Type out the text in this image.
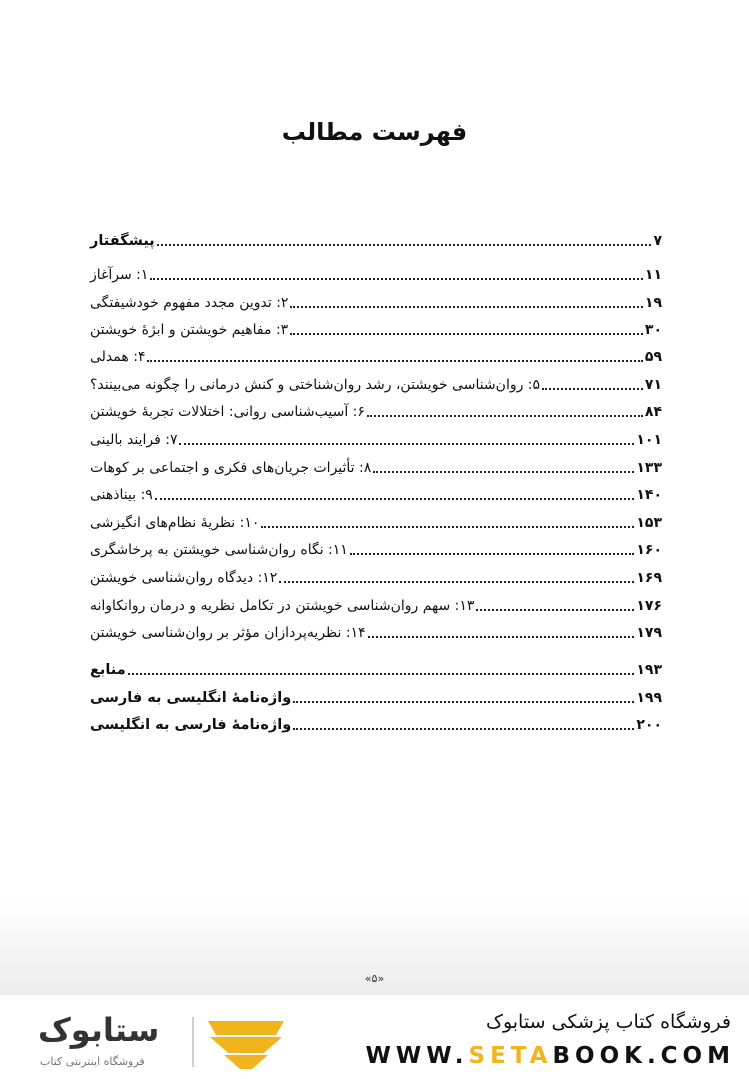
فهرست مطالب
پیشگفتار	۷
۱: سرآغاز	۱۱
۲: تدوین مجدد مفهوم خودشیفتگی	۱۹
۳: مفاهیم خویشتن و ابژهٔ خویشتن	۳۰
۴: همدلی	۵۹
۵: روان‌شناسی خویشتن، رشد روان‌شناختی و کنش درمانی را چگونه می‌بینند؟	۷۱
۶: آسیب‌شناسی روانی: اختلالات تجربهٔ خویشتن	۸۴
۷: فرایند بالینی	۱۰۱
۸: تأثیرات جریان‌های فکری و اجتماعی بر کوهات	۱۳۳
۹: بیناذهنی	۱۴۰
۱۰: نظریهٔ نظام‌های انگیزشی	۱۵۳
۱۱: نگاه روان‌شناسی خویشتن به پرخاشگری	۱۶۰
۱۲: دیدگاه روان‌شناسی خویشتن	۱۶۹
۱۳: سهم روان‌شناسی خویشتن در تکامل نظریه و درمان روانکاوانه	۱۷۶
۱۴: نظریه‌پردازان مؤثر بر روان‌شناسی خویشتن	۱۷۹
منابع	۱۹۳
واژه‌نامهٔ انگلیسی به فارسی	۱۹۹
واژه‌نامهٔ فارسی به انگلیسی	۲۰۰
«۵»
ستابوک
فروشگاه اینترنتی کتاب
فروشگاه کتاب پزشکی ستابوک
WWW.SETABOOK.COM
